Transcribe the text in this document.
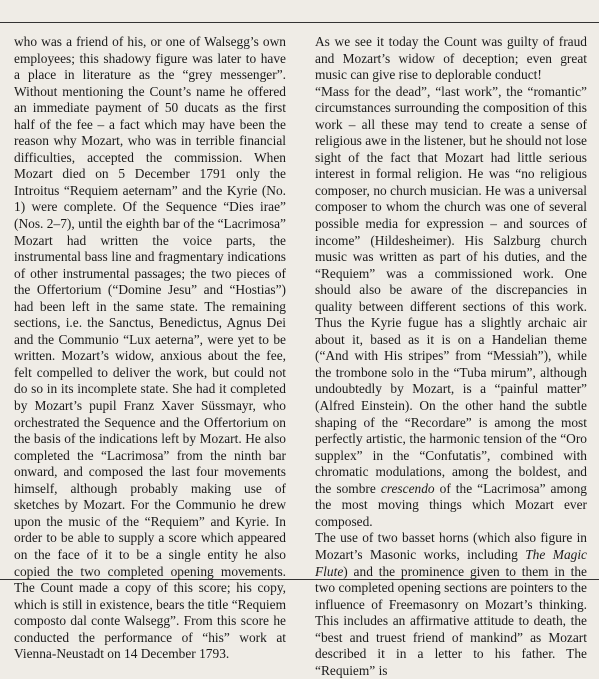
who was a friend of his, or one of Walsegg’s own employees; this shadowy figure was later to have a place in literature as the “grey messenger”. Without mentioning the Count’s name he offered an immediate payment of 50 ducats as the first half of the fee – a fact which may have been the reason why Mozart, who was in terrible financial difficulties, accepted the commission. When Mozart died on 5 December 1791 only the Introitus “Requiem aeternam” and the Kyrie (No. 1) were complete. Of the Sequence “Dies irae” (Nos. 2–7), until the eighth bar of the “Lacrimosa” Mozart had written the voice parts, the instrumental bass line and fragmentary indications of other instrumental passages; the two pieces of the Offertorium (“Domine Jesu” and “Hostias”) had been left in the same state. The remaining sections, i.e. the Sanctus, Benedictus, Agnus Dei and the Communio “Lux aeterna”, were yet to be written. Mozart’s widow, anxious about the fee, felt compelled to deliver the work, but could not do so in its incomplete state. She had it completed by Mozart’s pupil Franz Xaver Süssmayr, who orchestrated the Sequence and the Offertorium on the basis of the indications left by Mozart. He also completed the “Lacrimosa” from the ninth bar onward, and composed the last four movements himself, although probably making use of sketches by Mozart. For the Communio he drew upon the music of the “Requiem” and Kyrie. In order to be able to supply a score which appeared on the face of it to be a single entity he also copied the two completed opening movements. The Count made a copy of this score; his copy, which is still in existence, bears the title “Requiem composto dal conte Walsegg”. From this score he conducted the performance of “his” work at Vienna-Neustadt on 14 December 1793.

As we see it today the Count was guilty of fraud and Mozart’s widow of deception; even great music can give rise to deplorable conduct!

“Mass for the dead”, “last work”, the “romantic” circumstances surrounding the composition of this work – all these may tend to create a sense of religious awe in the listener, but he should not lose sight of the fact that Mozart had little serious interest in formal religion. He was “no religious composer, no church musician. He was a universal composer to whom the church was one of several possible media for expression – and sources of income” (Hildesheimer). His Salzburg church music was written as part of his duties, and the “Requiem” was a commissioned work. One should also be aware of the discrepancies in quality between different sections of this work. Thus the Kyrie fugue has a slightly archaic air about it, based as it is on a Handelian theme (“And with His stripes” from “Messiah”), while the trombone solo in the “Tuba mirum”, although undoubtedly by Mozart, is a “painful matter” (Alfred Einstein). On the other hand the subtle shaping of the “Recordare” is among the most perfectly artistic, the harmonic tension of the “Oro supplex” in the “Confutatis”, combined with chromatic modulations, among the boldest, and the sombre crescendo of the “Lacrimosa” among the most moving things which Mozart ever composed.

The use of two basset horns (which also figure in Mozart’s Masonic works, including The Magic Flute) and the prominence given to them in the two completed opening sections are pointers to the influence of Freemasonry on Mozart’s thinking. This includes an affirmative attitude to death, the “best and truest friend of mankind” as Mozart described it in a letter to his father. The “Requiem” is
